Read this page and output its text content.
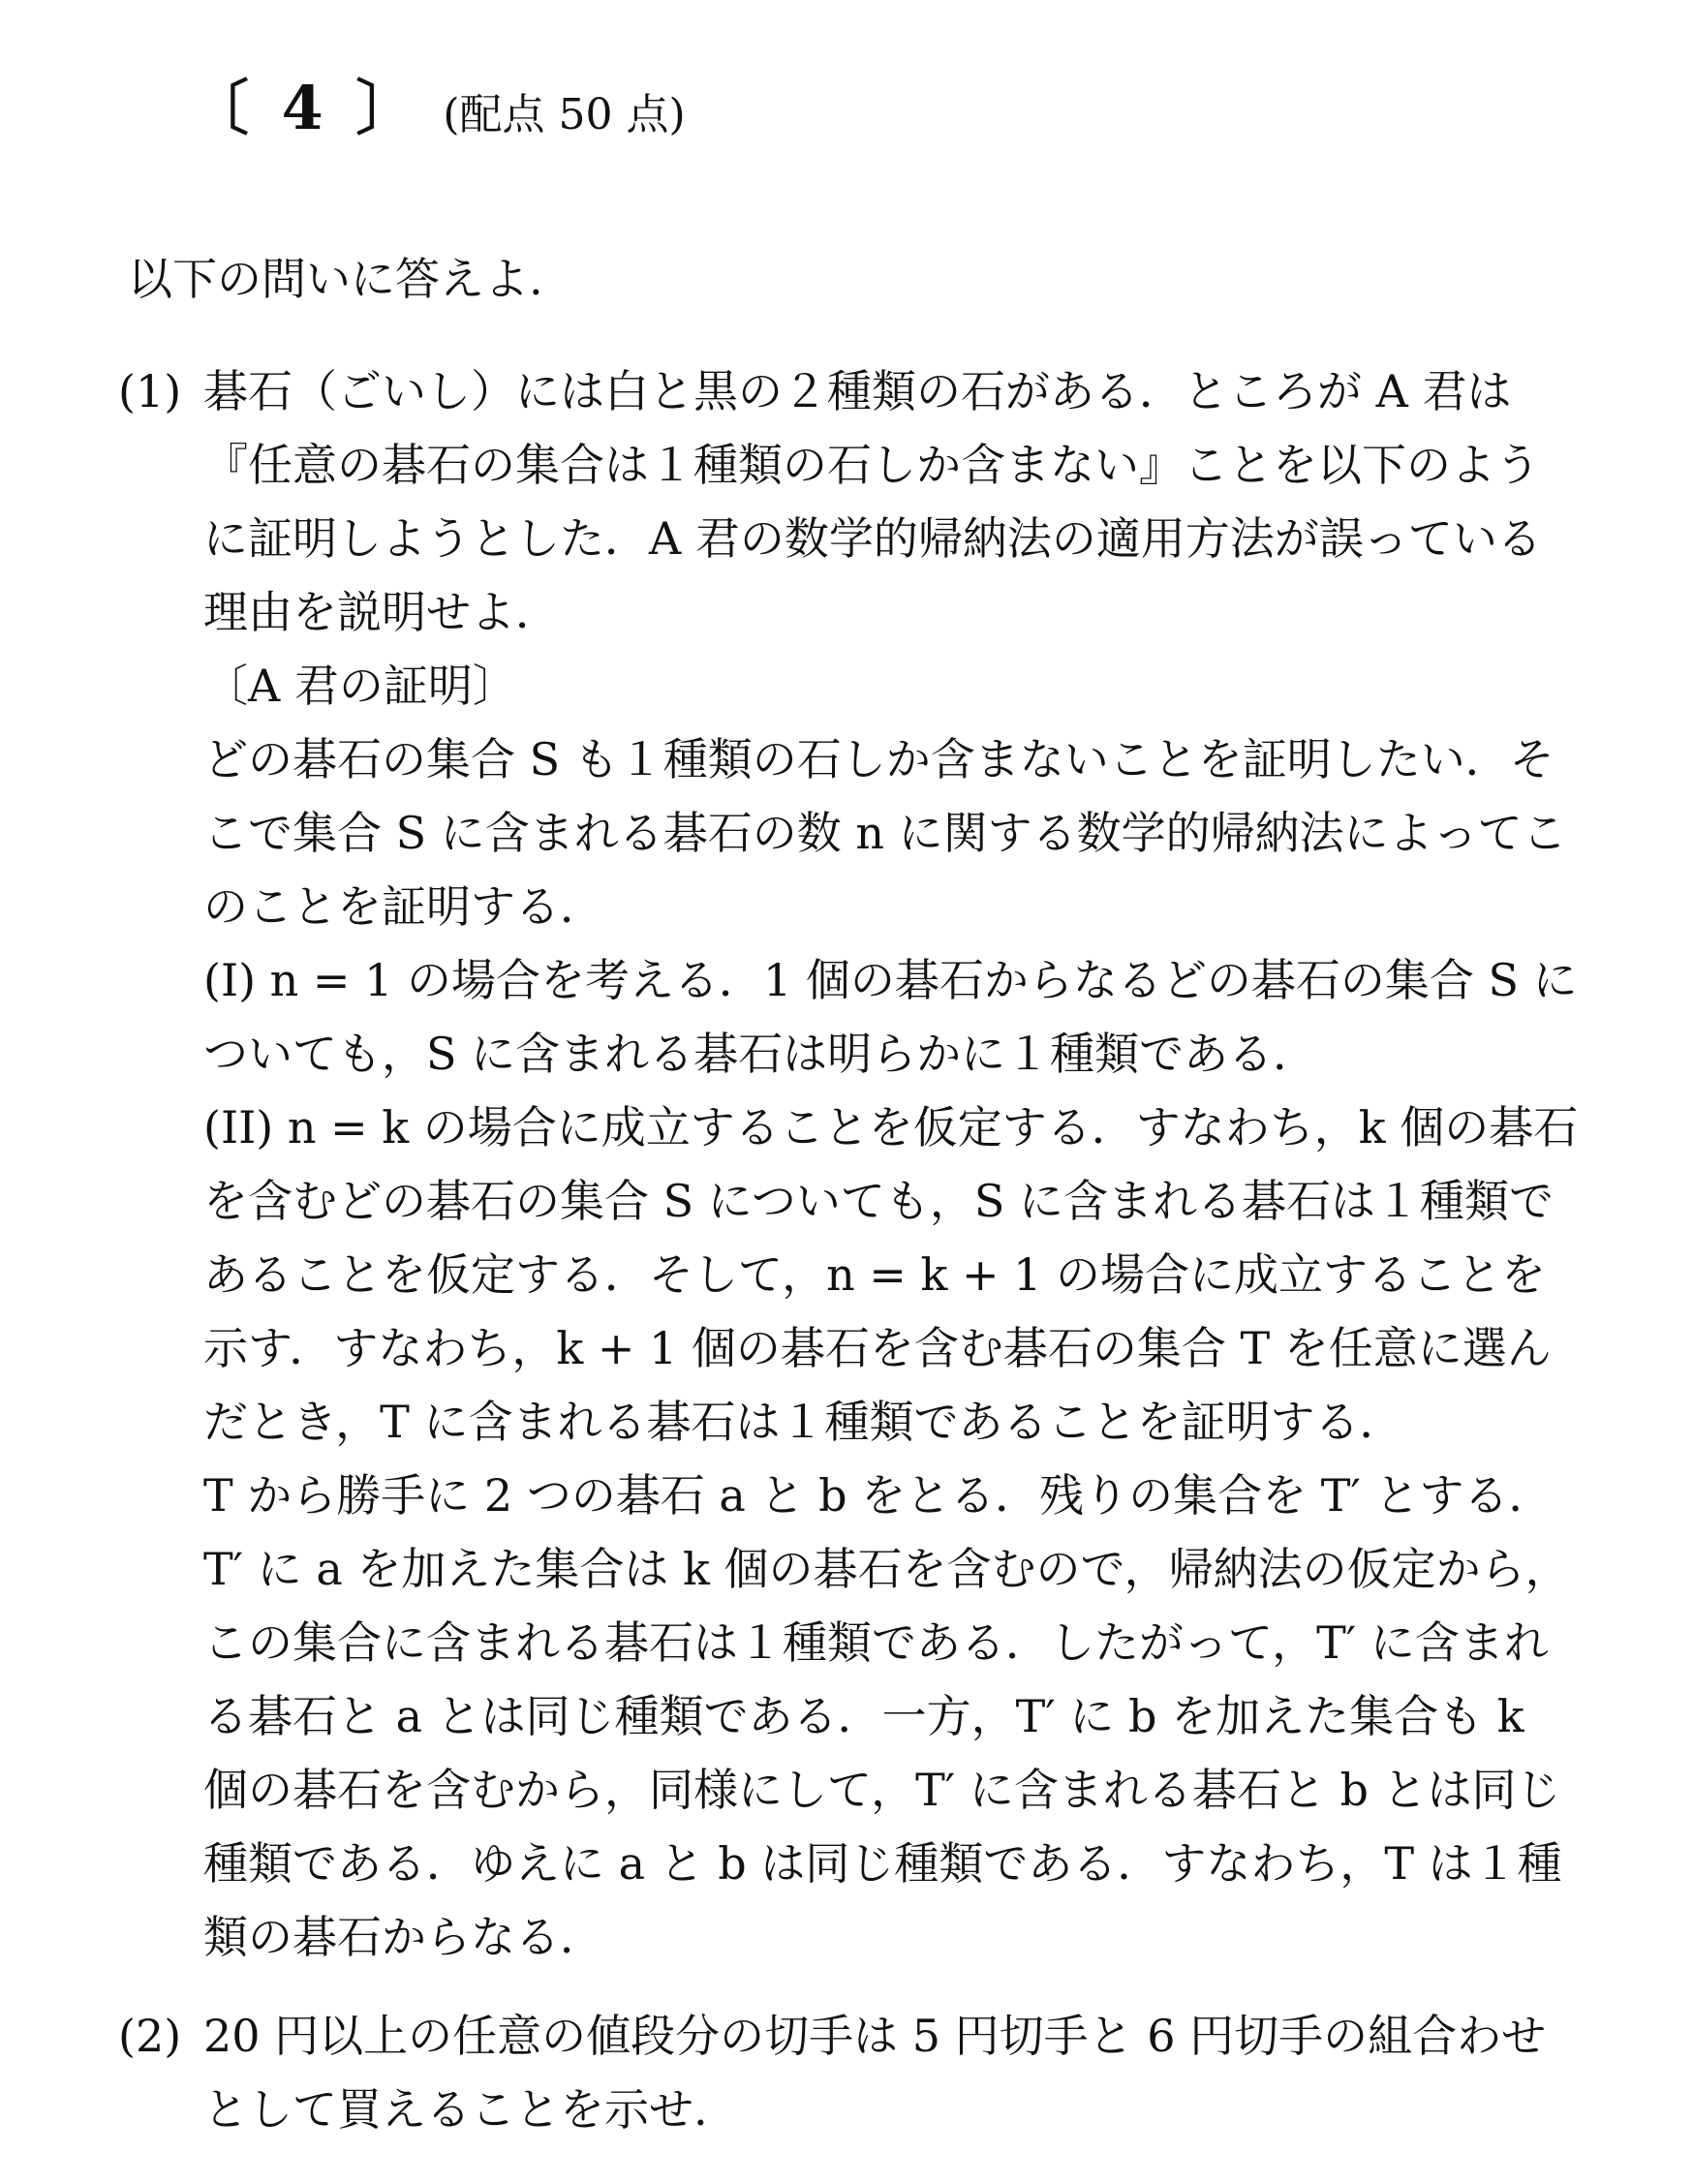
〔 4 〕 (配点 50 点)
以下の問いに答えよ.
(1) 碁石（ごいし）には白と黒の２種類の石がある．ところが A 君は『任意の碁石の集合は１種類の石しか含まない』ことを以下のように証明しようとした．A 君の数学的帰納法の適用方法が誤っている理由を説明せよ．

〔A 君の証明〕

どの碁石の集合 S も１種類の石しか含まないことを証明したい．そこで集合 S に含まれる碁石の数 n に関する数学的帰納法によってこのことを証明する．

(I) n = 1 の場合を考える．1 個の碁石からなるどの碁石の集合 S についても，S に含まれる碁石は明らかに１種類である．

(II) n = k の場合に成立することを仮定する．すなわち，k 個の碁石を含むどの碁石の集合 S についても，S に含まれる碁石は１種類であることを仮定する．そして，n = k + 1 の場合に成立することを示す．すなわち，k + 1 個の碁石を含む碁石の集合 T を任意に選んだとき，T に含まれる碁石は１種類であることを証明する．

T から勝手に 2 つの碁石 a と b をとる．残りの集合を T′ とする．T′ に a を加えた集合は k 個の碁石を含むので，帰納法の仮定から，この集合に含まれる碁石は１種類である．したがって，T′ に含まれる碁石と a とは同じ種類である．一方，T′ に b を加えた集合も k 個の碁石を含むから，同様にして，T′ に含まれる碁石と b とは同じ種類である．ゆえに a と b は同じ種類である．すなわち，T は１種類の碁石からなる．

(2) 20 円以上の任意の値段分の切手は 5 円切手と 6 円切手の組合わせとして買えることを示せ.
